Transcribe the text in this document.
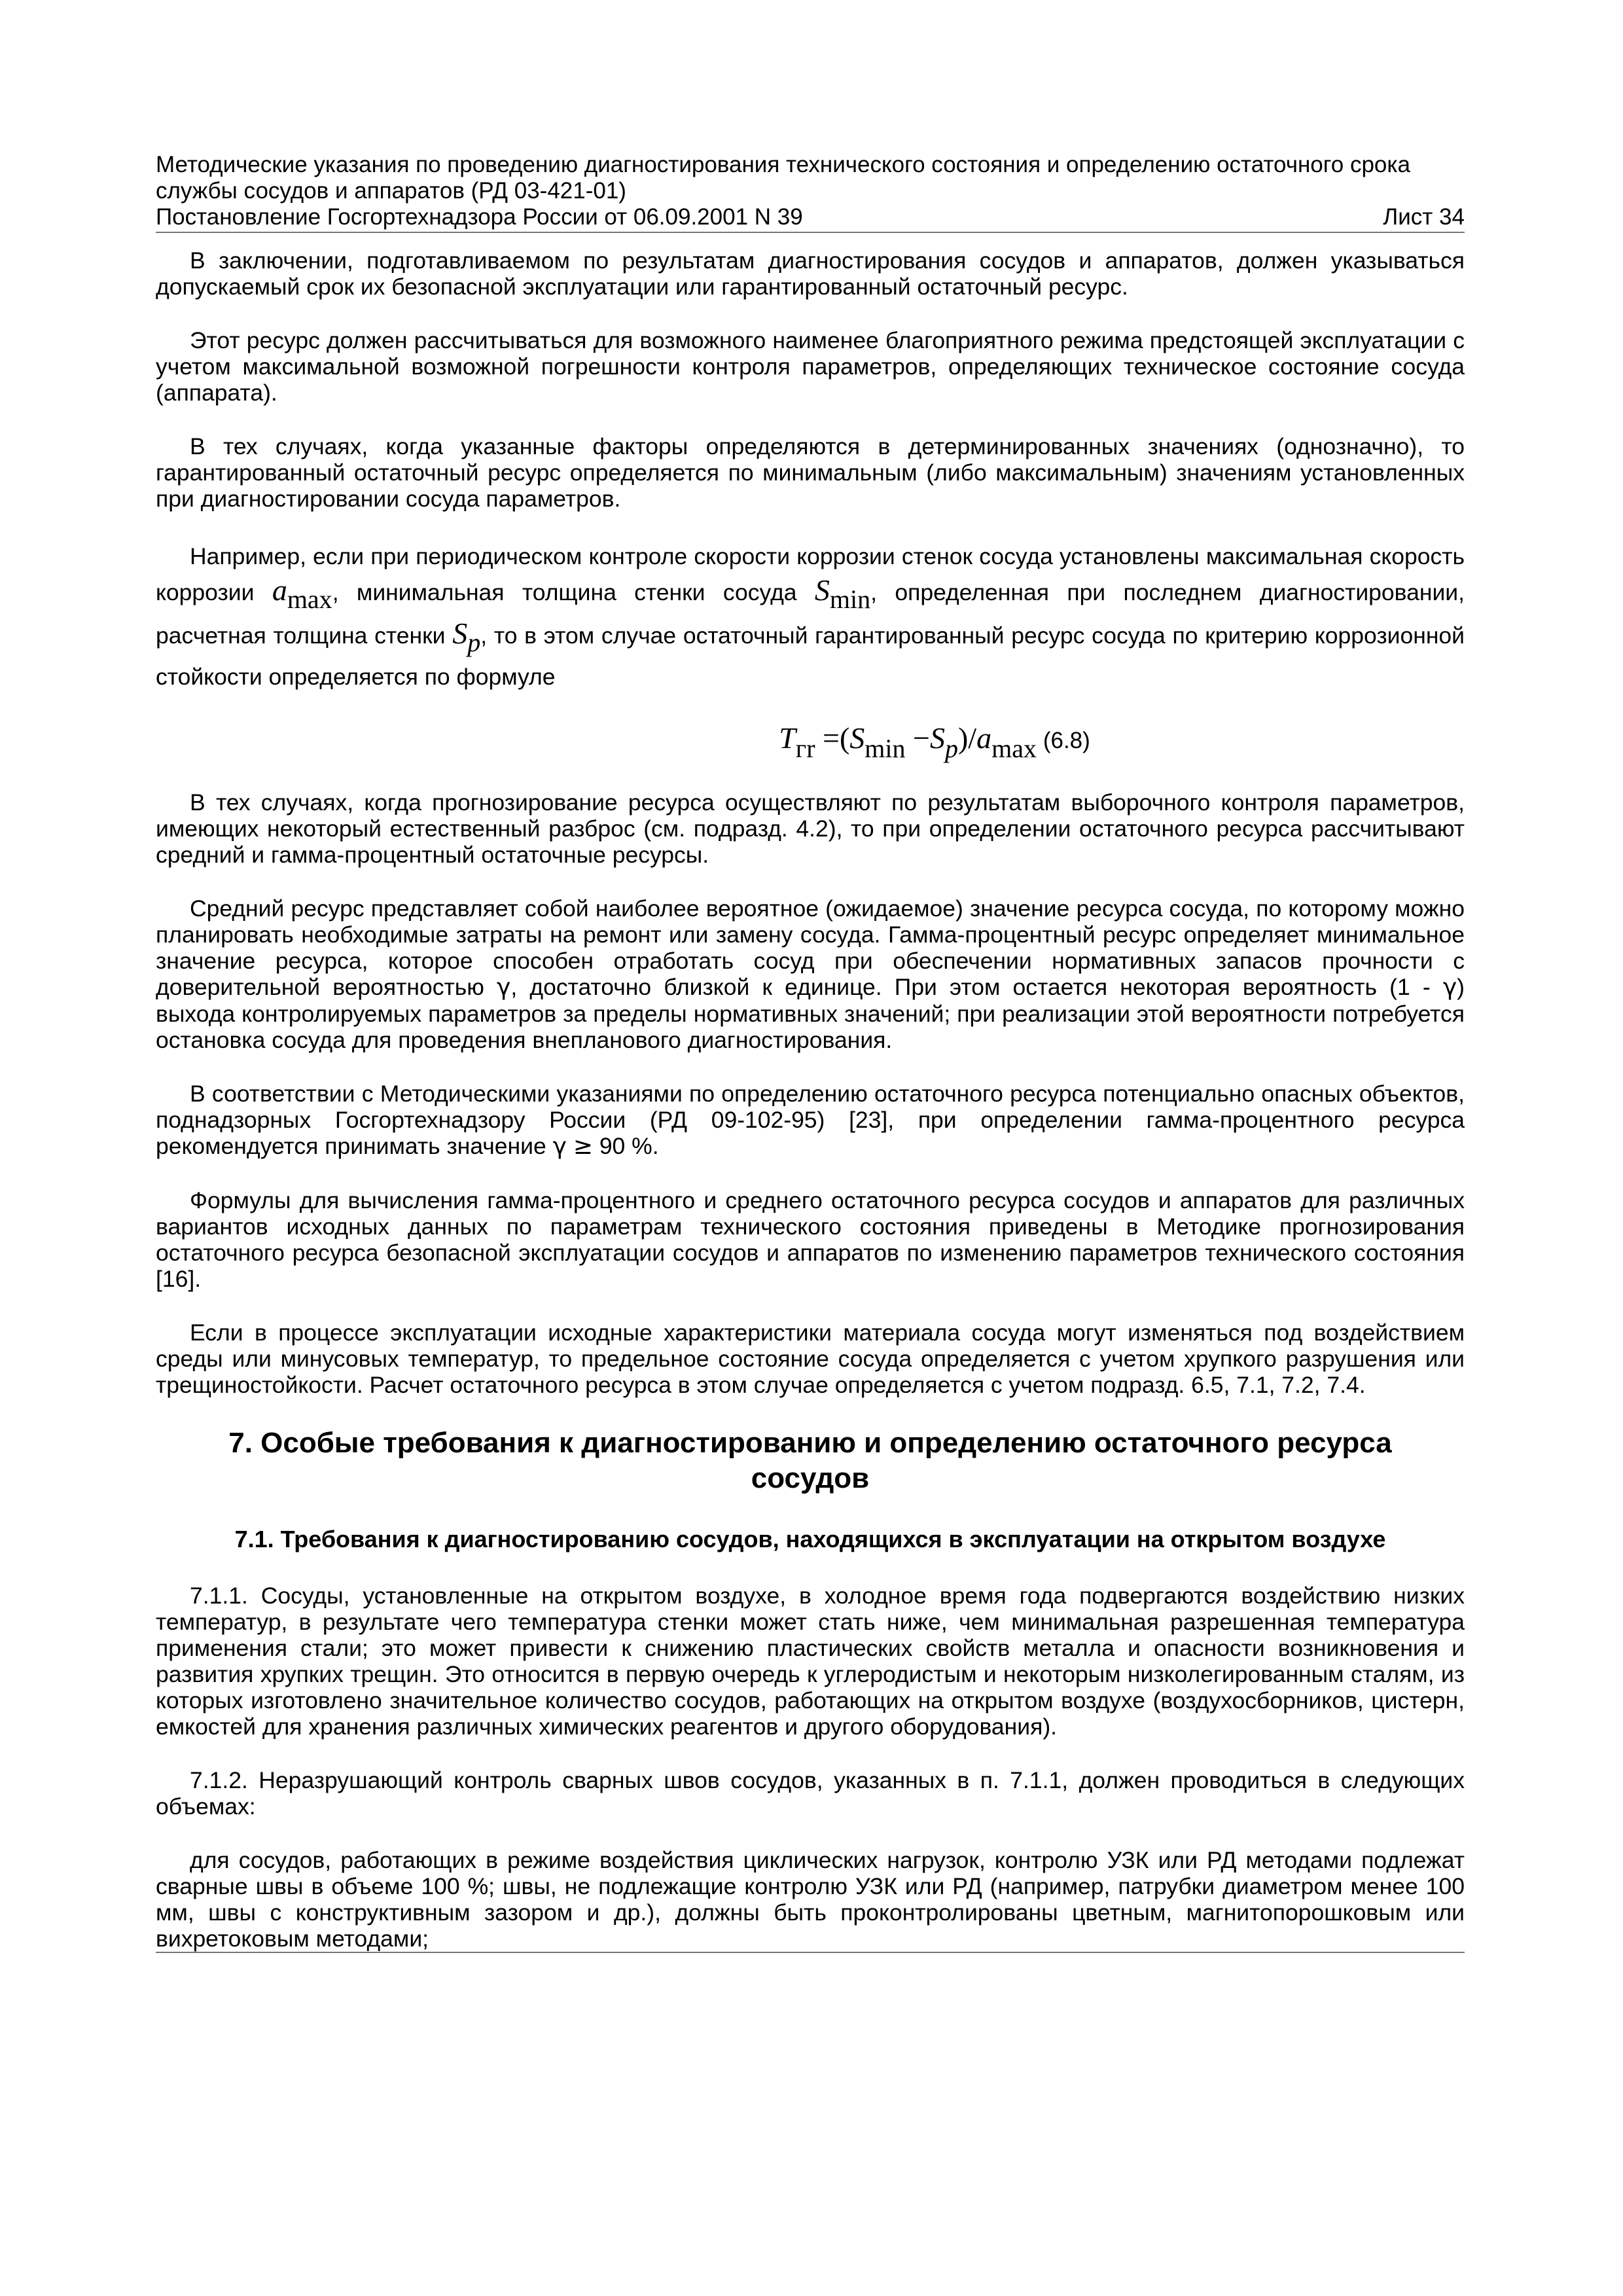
Методические указания по проведению диагностирования технического состояния и определению остаточного срока службы сосудов и аппаратов (РД 03-421-01)
Постановление Госгортехнадзора России от 06.09.2001 N 39	Лист 34

В заключении, подготавливаемом по результатам диагностирования сосудов и аппаратов, должен указываться допускаемый срок их безопасной эксплуатации или гарантированный остаточный ресурс.

Этот ресурс должен рассчитываться для возможного наименее благоприятного режима предстоящей эксплуатации с учетом максимальной возможной погрешности контроля параметров, определяющих техническое состояние сосуда (аппарата).

В тех случаях, когда указанные факторы определяются в детерминированных значениях (однозначно), то гарантированный остаточный ресурс определяется по минимальным (либо максимальным) значениям установленных при диагностировании сосуда параметров.

Например, если при периодическом контроле скорости коррозии стенок сосуда установлены максимальная скорость коррозии $a_{max}$, минимальная толщина стенки сосуда $S_{min}$, определенная при последнем диагностировании, расчетная толщина стенки $S_p$, то в этом случае остаточный гарантированный ресурс сосуда по критерию коррозионной стойкости определяется по формуле

$T_{гr} =(S_{min} -S_p)/a_{max}$ (6.8)

В тех случаях, когда прогнозирование ресурса осуществляют по результатам выборочного контроля параметров, имеющих некоторый естественный разброс (см. подразд. 4.2), то при определении остаточного ресурса рассчитывают средний и гамма-процентный остаточные ресурсы.

Средний ресурс представляет собой наиболее вероятное (ожидаемое) значение ресурса сосуда, по которому можно планировать необходимые затраты на ремонт или замену сосуда. Гамма-процентный ресурс определяет минимальное значение ресурса, которое способен отработать сосуд при обеспечении нормативных запасов прочности с доверительной вероятностью γ, достаточно близкой к единице. При этом остается некоторая вероятность (1 - γ) выхода контролируемых параметров за пределы нормативных значений; при реализации этой вероятности потребуется остановка сосуда для проведения внепланового диагностирования.

В соответствии с Методическими указаниями по определению остаточного ресурса потенциально опасных объектов, поднадзорных Госгортехнадзору России (РД 09-102-95) [23], при определении гамма-процентного ресурса рекомендуется принимать значение γ ≥ 90 %.

Формулы для вычисления гамма-процентного и среднего остаточного ресурса сосудов и аппаратов для различных вариантов исходных данных по параметрам технического состояния приведены в Методике прогнозирования остаточного ресурса безопасной эксплуатации сосудов и аппаратов по изменению параметров технического состояния [16].

Если в процессе эксплуатации исходные характеристики материала сосуда могут изменяться под воздействием среды или минусовых температур, то предельное состояние сосуда определяется с учетом хрупкого разрушения или трещиностойкости. Расчет остаточного ресурса в этом случае определяется с учетом подразд. 6.5, 7.1, 7.2, 7.4.

7. Особые требования к диагностированию и определению остаточного ресурса сосудов
7.1. Требования к диагностированию сосудов, находящихся в эксплуатации на открытом воздухе

7.1.1. Сосуды, установленные на открытом воздухе, в холодное время года подвергаются воздействию низких температур, в результате чего температура стенки может стать ниже, чем минимальная разрешенная температура применения стали; это может привести к снижению пластических свойств металла и опасности возникновения и развития хрупких трещин. Это относится в первую очередь к углеродистым и некоторым низколегированным сталям, из которых изготовлено значительное количество сосудов, работающих на открытом воздухе (воздухосборников, цистерн, емкостей для хранения различных химических реагентов и другого оборудования).

7.1.2. Неразрушающий контроль сварных швов сосудов, указанных в п. 7.1.1, должен проводиться в следующих объемах:

для сосудов, работающих в режиме воздействия циклических нагрузок, контролю УЗК или РД методами подлежат сварные швы в объеме 100 %; швы, не подлежащие контролю УЗК или РД (например, патрубки диаметром менее 100 мм, швы с конструктивным зазором и др.), должны быть проконтролированы цветным, магнитопорошковым или вихретоковым методами;
